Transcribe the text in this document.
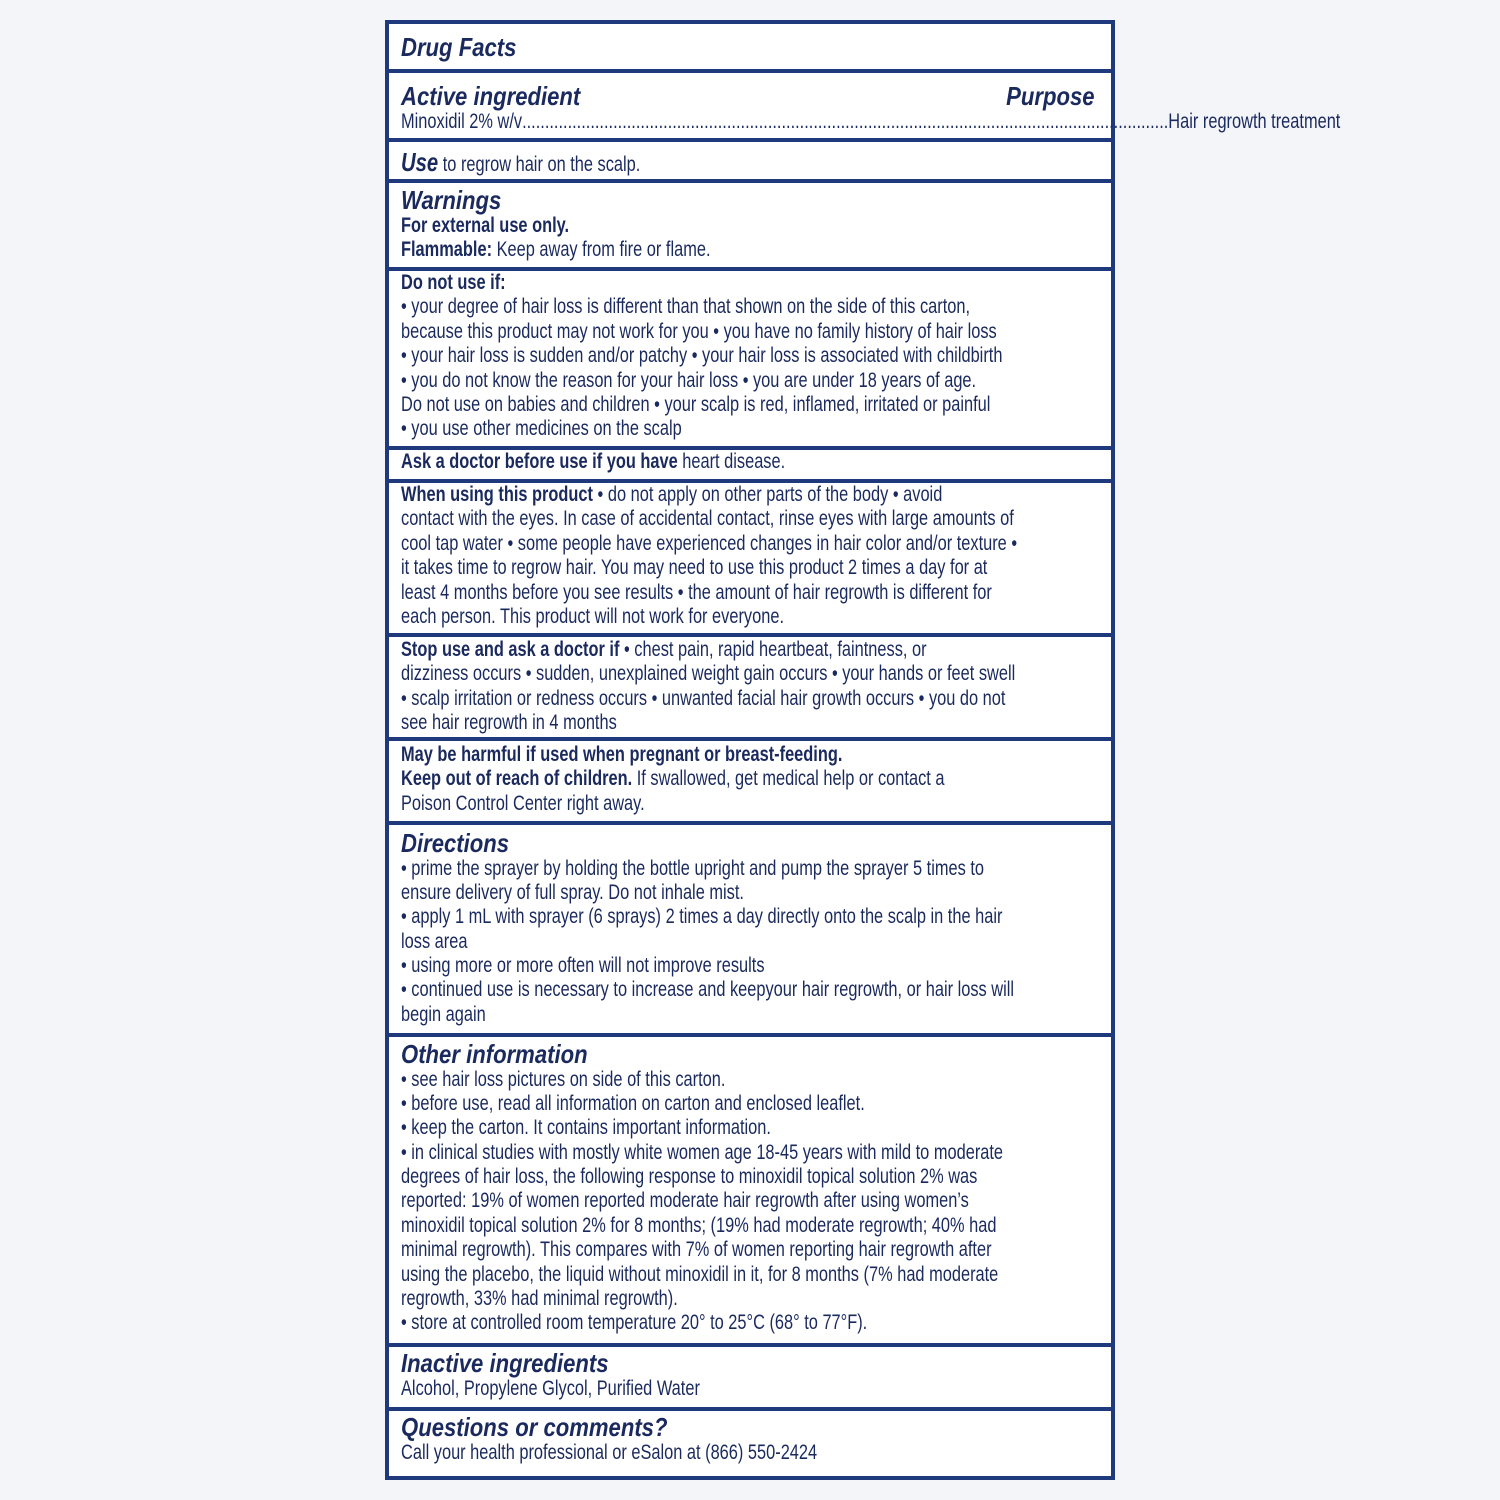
Drug Facts
Active ingredient	Purpose
Minoxidil 2% w/v .............................................................................................................................................. Hair regrowth treatment
Use to regrow hair on the scalp.
Warnings
For external use only.
Flammable: Keep away from fire or flame.
Do not use if:
• your degree of hair loss is different than that shown on the side of this carton,
because this product may not work for you • you have no family history of hair loss
• your hair loss is sudden and/or patchy • your hair loss is associated with childbirth
• you do not know the reason for your hair loss • you are under 18 years of age.
Do not use on babies and children • your scalp is red, inflamed, irritated or painful
• you use other medicines on the scalp
Ask a doctor before use if you have heart disease.
When using this product • do not apply on other parts of the body • avoid
contact with the eyes. In case of accidental contact, rinse eyes with large amounts of
cool tap water • some people have experienced changes in hair color and/or texture •
it takes time to regrow hair. You may need to use this product 2 times a day for at
least 4 months before you see results • the amount of hair regrowth is different for
each person. This product will not work for everyone.
Stop use and ask a doctor if • chest pain, rapid heartbeat, faintness, or
dizziness occurs • sudden, unexplained weight gain occurs • your hands or feet swell
• scalp irritation or redness occurs • unwanted facial hair growth occurs • you do not
see hair regrowth in 4 months
May be harmful if used when pregnant or breast-feeding.
Keep out of reach of children. If swallowed, get medical help or contact a
Poison Control Center right away.
Directions
• prime the sprayer by holding the bottle upright and pump the sprayer 5 times to
ensure delivery of full spray. Do not inhale mist.
• apply 1 mL with sprayer (6 sprays) 2 times a day directly onto the scalp in the hair
loss area
• using more or more often will not improve results
• continued use is necessary to increase and keepyour hair regrowth, or hair loss will
begin again
Other information
• see hair loss pictures on side of this carton.
• before use, read all information on carton and enclosed leaflet.
• keep the carton. It contains important information.
• in clinical studies with mostly white women age 18-45 years with mild to moderate
degrees of hair loss, the following response to minoxidil topical solution 2% was
reported: 19% of women reported moderate hair regrowth after using women’s
minoxidil topical solution 2% for 8 months; (19% had moderate regrowth; 40% had
minimal regrowth). This compares with 7% of women reporting hair regrowth after
using the placebo, the liquid without minoxidil in it, for 8 months (7% had moderate
regrowth, 33% had minimal regrowth).
• store at controlled room temperature 20° to 25°C (68° to 77°F).
Inactive ingredients
Alcohol, Propylene Glycol, Purified Water
Questions or comments?
Call your health professional or eSalon at (866) 550-2424
